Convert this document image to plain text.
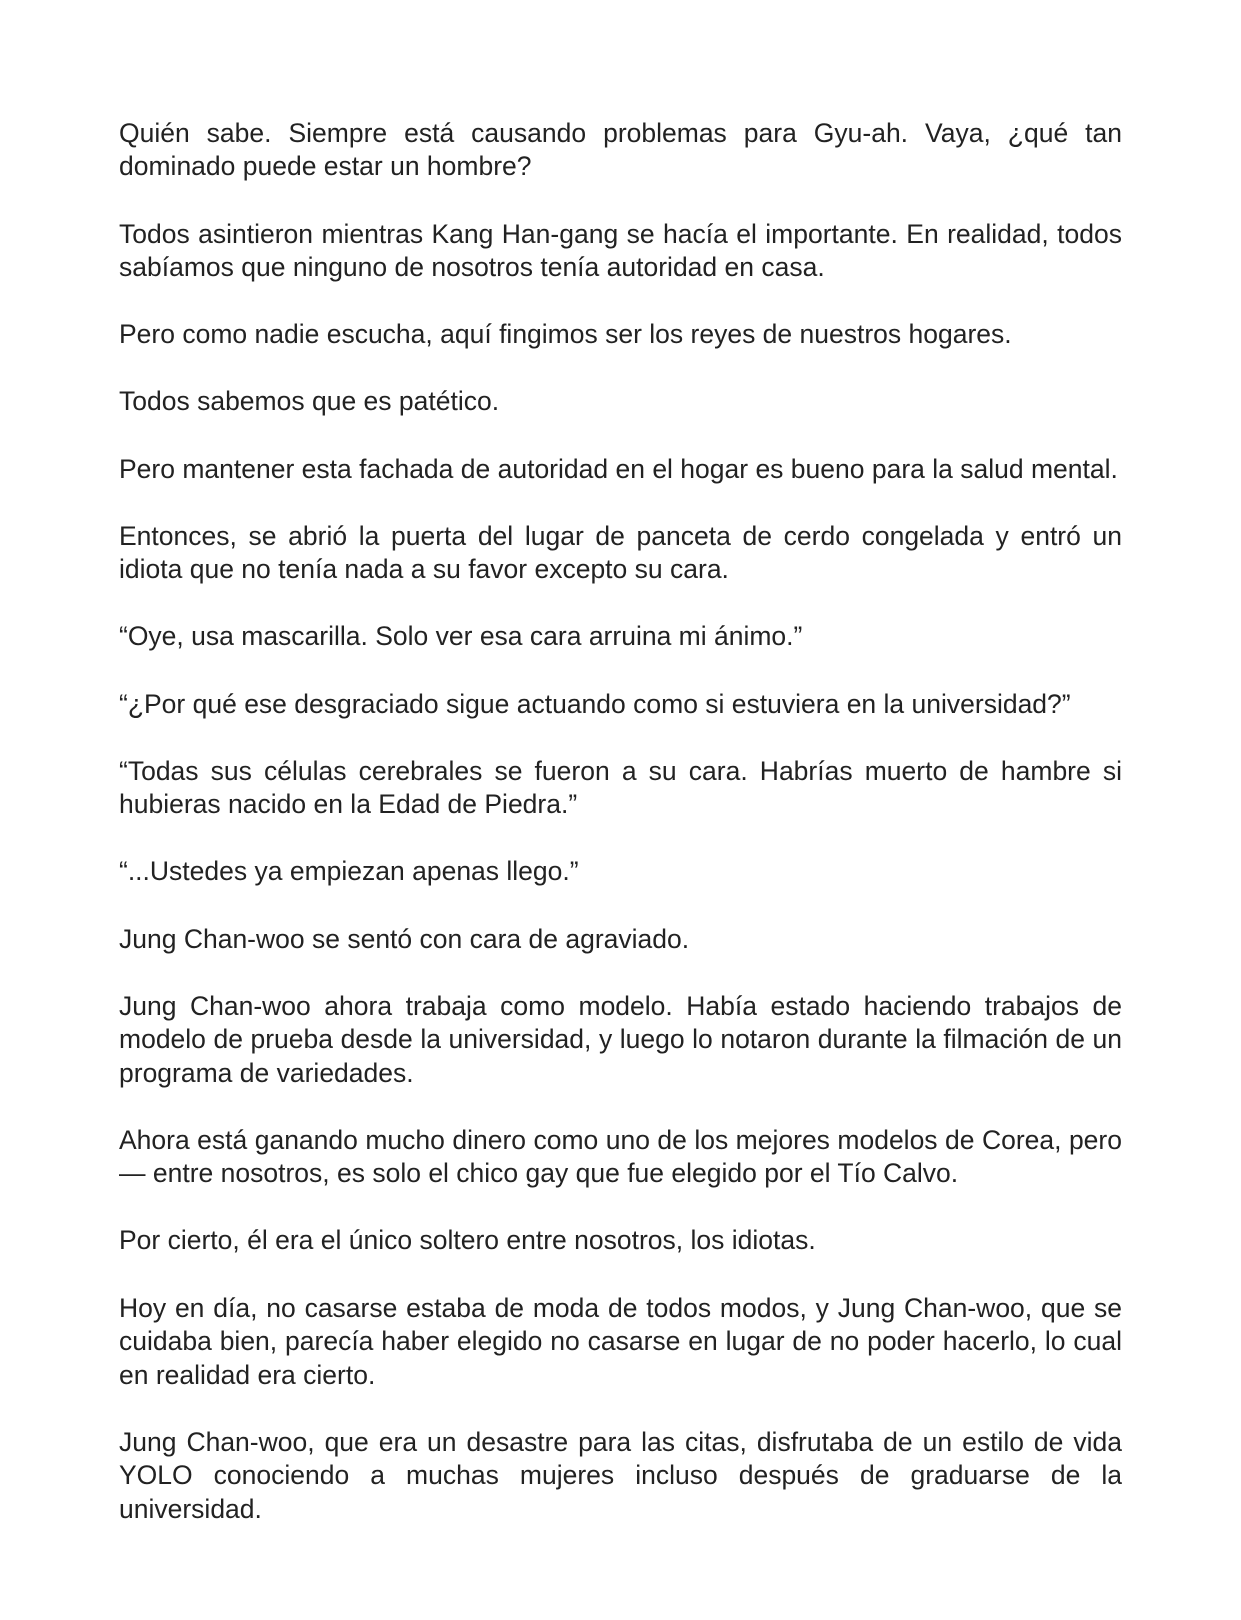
Quién sabe. Siempre está causando problemas para Gyu-ah. Vaya, ¿qué tan dominado puede estar un hombre?

Todos asintieron mientras Kang Han-gang se hacía el importante. En realidad, todos sabíamos que ninguno de nosotros tenía autoridad en casa.

Pero como nadie escucha, aquí fingimos ser los reyes de nuestros hogares.

Todos sabemos que es patético.

Pero mantener esta fachada de autoridad en el hogar es bueno para la salud mental.

Entonces, se abrió la puerta del lugar de panceta de cerdo congelada y entró un idiota que no tenía nada a su favor excepto su cara.

“Oye, usa mascarilla. Solo ver esa cara arruina mi ánimo.”

“¿Por qué ese desgraciado sigue actuando como si estuviera en la universidad?”

“Todas sus células cerebrales se fueron a su cara. Habrías muerto de hambre si hubieras nacido en la Edad de Piedra.”

“...Ustedes ya empiezan apenas llego.”

Jung Chan-woo se sentó con cara de agraviado.

Jung Chan-woo ahora trabaja como modelo. Había estado haciendo trabajos de modelo de prueba desde la universidad, y luego lo notaron durante la filmación de un programa de variedades.

Ahora está ganando mucho dinero como uno de los mejores modelos de Corea, pero— entre nosotros, es solo el chico gay que fue elegido por el Tío Calvo.

Por cierto, él era el único soltero entre nosotros, los idiotas.

Hoy en día, no casarse estaba de moda de todos modos, y Jung Chan-woo, que se cuidaba bien, parecía haber elegido no casarse en lugar de no poder hacerlo, lo cual en realidad era cierto.

Jung Chan-woo, que era un desastre para las citas, disfrutaba de un estilo de vida YOLO conociendo a muchas mujeres incluso después de graduarse de la universidad.
